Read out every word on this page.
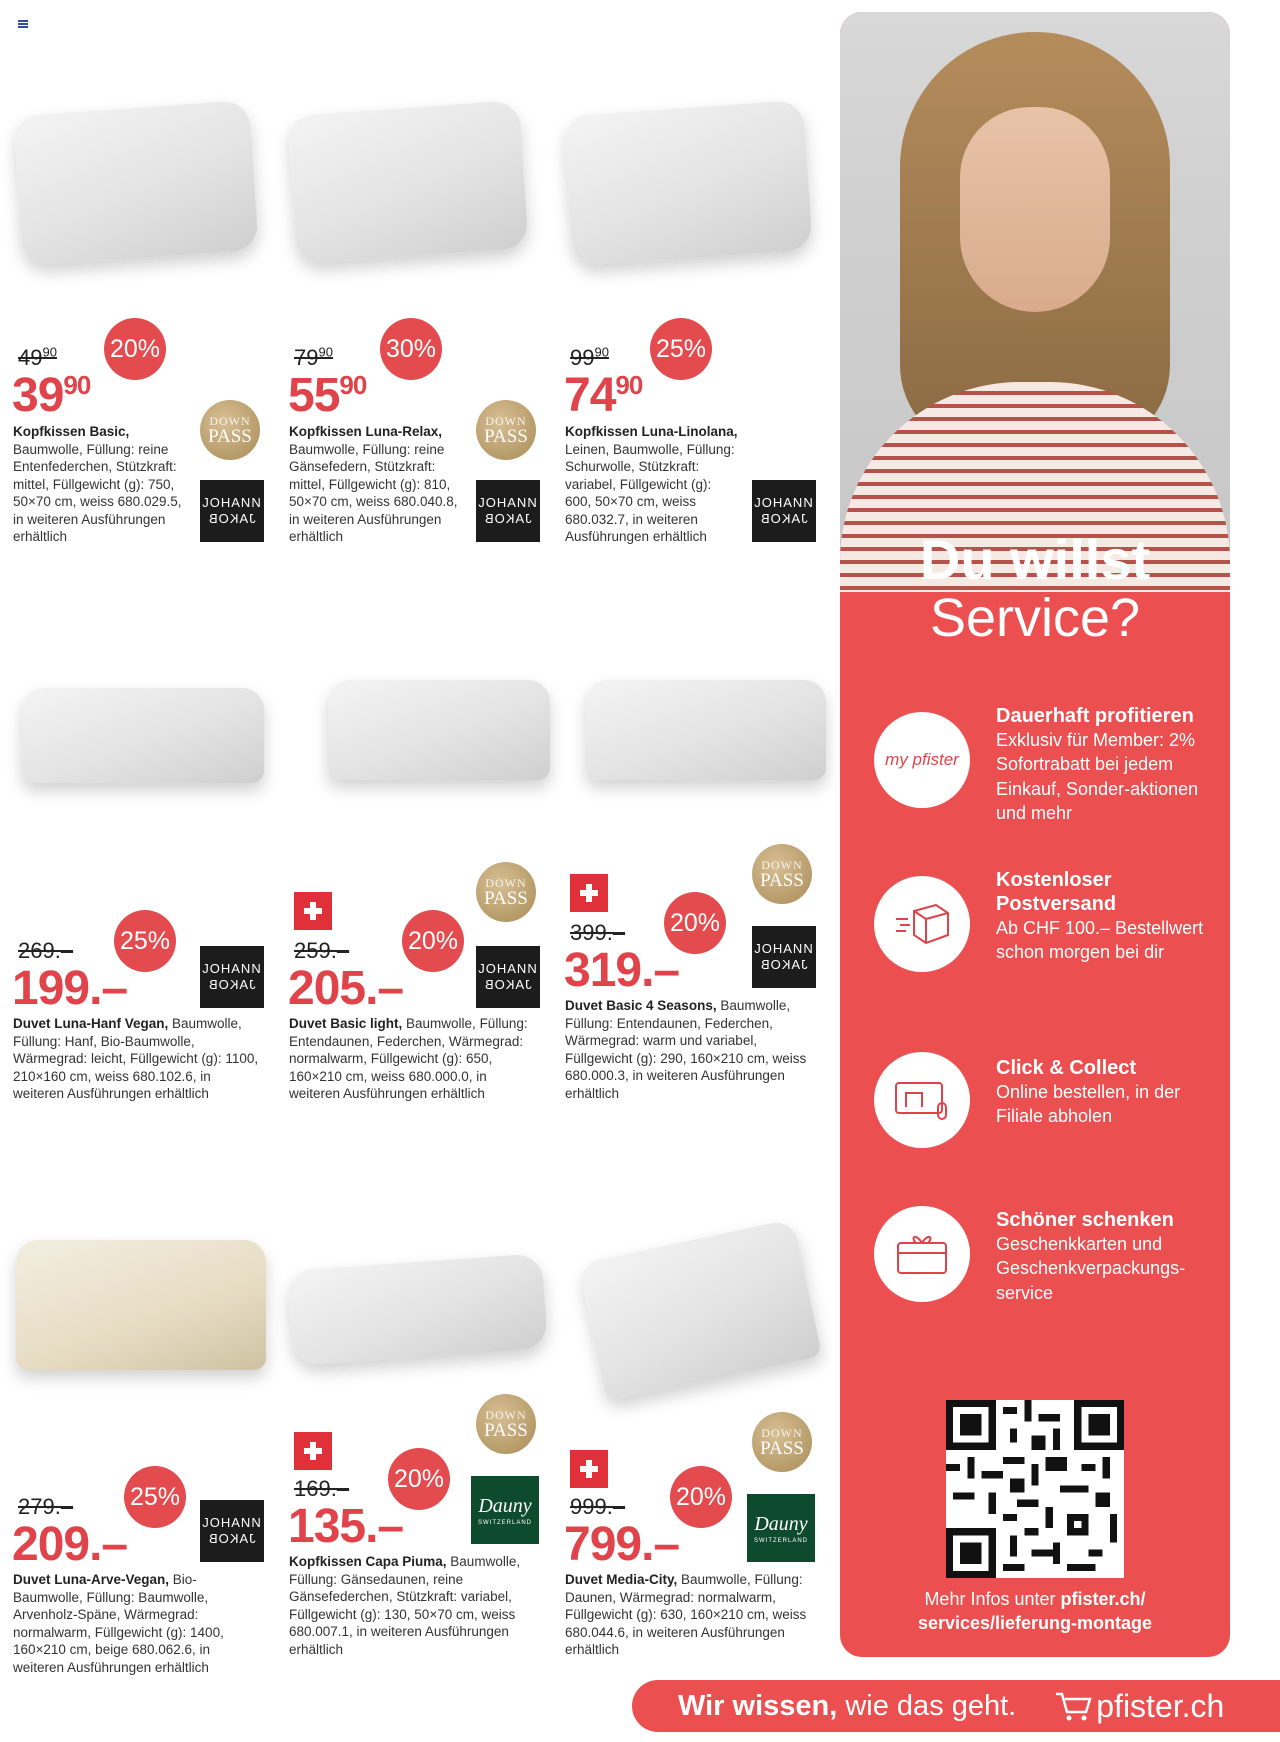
$49^{90}$
$39^{90}$
20%
DOWN
PASS
JOHANN
JAKOB
Kopfkissen Basic,
Baumwolle, Füllung: reine Entenfederchen, Stützkraft: mittel, Füllgewicht (g): 750, 50×70 cm, weiss 680.029.5, in weiteren Ausführungen erhältlich
$79^{90}$
$55^{90}$
30%
DOWN
PASS
JOHANN
JAKOB
Kopfkissen Luna-Relax,
Baumwolle, Füllung: reine Gänsefedern, Stützkraft: mittel, Füllgewicht (g): 810, 50×70 cm, weiss 680.040.8, in weiteren Ausführungen erhältlich
$99^{90}$
$74^{90}$
25%
JOHANN
JAKOB
Kopfkissen Luna-Linolana,
Leinen, Baumwolle, Füllung: Schurwolle, Stützkraft: variabel, Füllgewicht (g): 600, 50×70 cm, weiss 680.032.7, in weiteren Ausführungen erhältlich
269.–
199.–
25%
JOHANN
JAKOB
Duvet Luna-Hanf Vegan, Baumwolle, Füllung: Hanf, Bio-Baumwolle, Wärmegrad: leicht, Füllgewicht (g): 1100, 210×160 cm, weiss 680.102.6, in weiteren Ausführungen erhältlich
DOWN
PASS
259.–
205.–
20%
JOHANN
JAKOB
Duvet Basic light, Baumwolle, Füllung: Entendaunen, Federchen, Wärmegrad: normalwarm, Füllgewicht (g): 650, 160×210 cm, weiss 680.000.0, in weiteren Ausführungen erhältlich
DOWN
PASS
399.–
319.–
20%
JOHANN
JAKOB
Duvet Basic 4 Seasons, Baumwolle, Füllung: Entendaunen, Federchen, Wärmegrad: warm und variabel, Füllgewicht (g): 290, 160×210 cm, weiss 680.000.3, in weiteren Ausführungen erhältlich
279.–
209.–
25%
JOHANN
JAKOB
Duvet Luna-Arve-Vegan, Bio-Baumwolle, Füllung: Baumwolle, Arvenholz-Späne, Wärmegrad: normalwarm, Füllgewicht (g): 1400, 160×210 cm, beige 680.062.6, in weiteren Ausführungen erhältlich
DOWN
PASS
169.–
135.–
20%
Dauny
SWITZERLAND
Kopfkissen Capa Piuma, Baumwolle, Füllung: Gänsedaunen, reine Gänsefederchen, Stützkraft: variabel, Füllgewicht (g): 130, 50×70 cm, weiss 680.007.1, in weiteren Ausführungen erhältlich
DOWN
PASS
999.–
799.–
20%
Dauny
SWITZERLAND
Duvet Media-City, Baumwolle, Füllung: Daunen, Wärmegrad: normalwarm, Füllgewicht (g): 630, 160×210 cm, weiss 680.044.6, in weiteren Ausführungen erhältlich
Du willst
Service?
my pfister
Dauerhaft profitieren
Exklusiv für Member: 2% Sofortrabatt bei jedem Einkauf, Sonder-aktionen und mehr
Kostenloser Postversand
Ab CHF 100.– Bestellwert schon morgen bei dir
Click & Collect
Online bestellen, in der Filiale abholen
Schöner schenken
Geschenkkarten und Geschenkverpackungs-service
Mehr Infos unter pfister.ch/
services/lieferung-montage
Wir wissen, wie das geht.	pfister.ch
